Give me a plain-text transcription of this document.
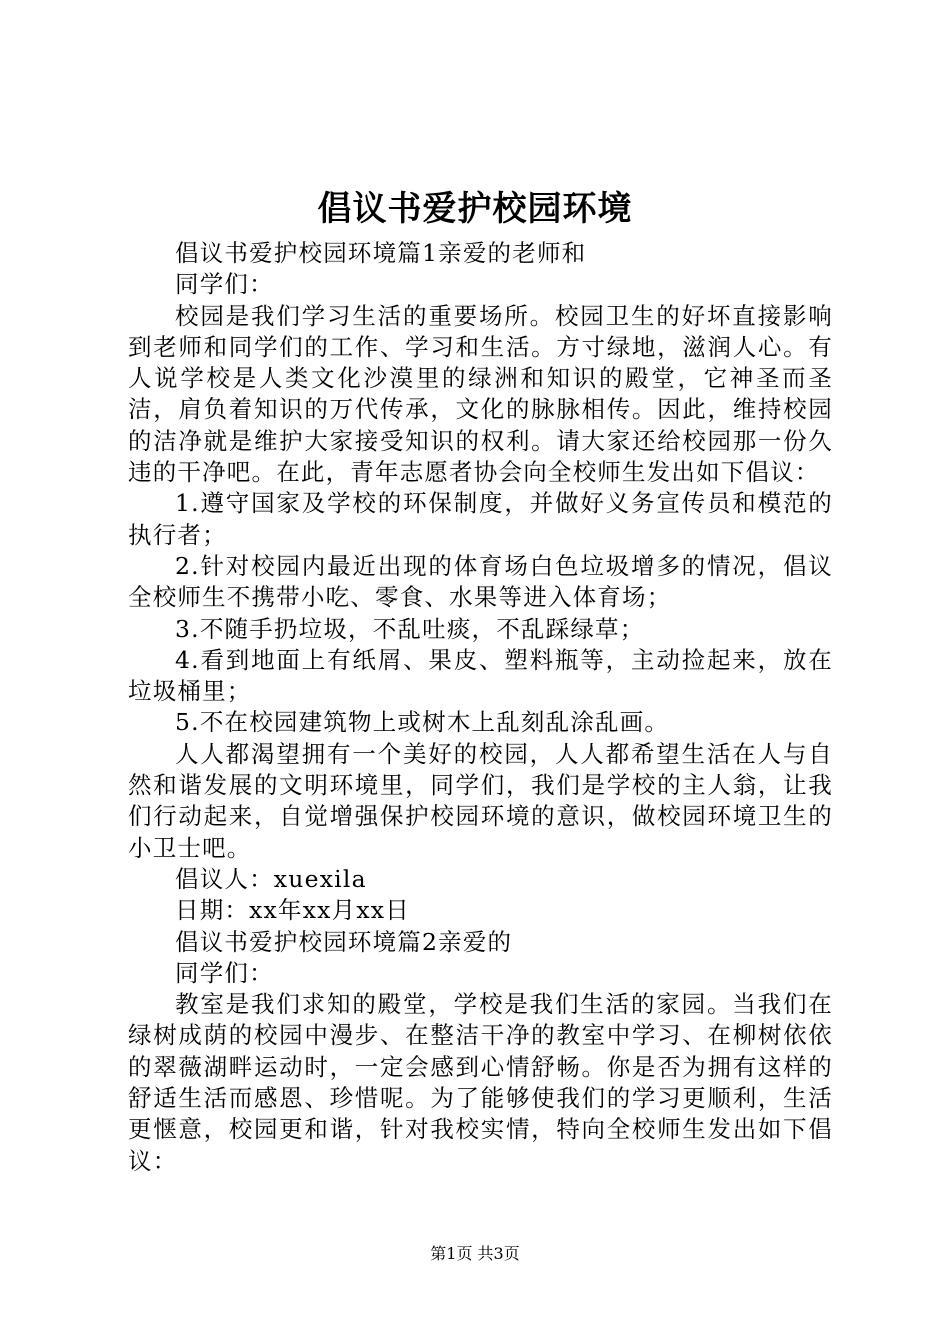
倡议书爱护校园环境

倡议书爱护校园环境篇1亲爱的老师和

同学们：

校园是我们学习生活的重要场所。校园卫生的好坏直接影响到老师和同学们的工作、学习和生活。方寸绿地，滋润人心。有人说学校是人类文化沙漠里的绿洲和知识的殿堂，它神圣而圣洁，肩负着知识的万代传承，文化的脉脉相传。因此，维持校园的洁净就是维护大家接受知识的权利。请大家还给校园那一份久违的干净吧。在此，青年志愿者协会向全校师生发出如下倡议：

1.遵守国家及学校的环保制度，并做好义务宣传员和模范的执行者；

2.针对校园内最近出现的体育场白色垃圾增多的情况，倡议全校师生不携带小吃、零食、水果等进入体育场；

3.不随手扔垃圾，不乱吐痰，不乱踩绿草；

4.看到地面上有纸屑、果皮、塑料瓶等，主动捡起来，放在垃圾桶里；

5.不在校园建筑物上或树木上乱刻乱涂乱画。

人人都渴望拥有一个美好的校园，人人都希望生活在人与自然和谐发展的文明环境里，同学们，我们是学校的主人翁，让我们行动起来，自觉增强保护校园环境的意识，做校园环境卫生的小卫士吧。

倡议人：xuexila

日期：xx年xx月xx日

倡议书爱护校园环境篇2亲爱的

同学们：

教室是我们求知的殿堂，学校是我们生活的家园。当我们在绿树成荫的校园中漫步、在整洁干净的教室中学习、在柳树依依的翠薇湖畔运动时，一定会感到心情舒畅。你是否为拥有这样的舒适生活而感恩、珍惜呢。为了能够使我们的学习更顺利，生活更惬意，校园更和谐，针对我校实情，特向全校师生发出如下倡议：

第1页 共3页
